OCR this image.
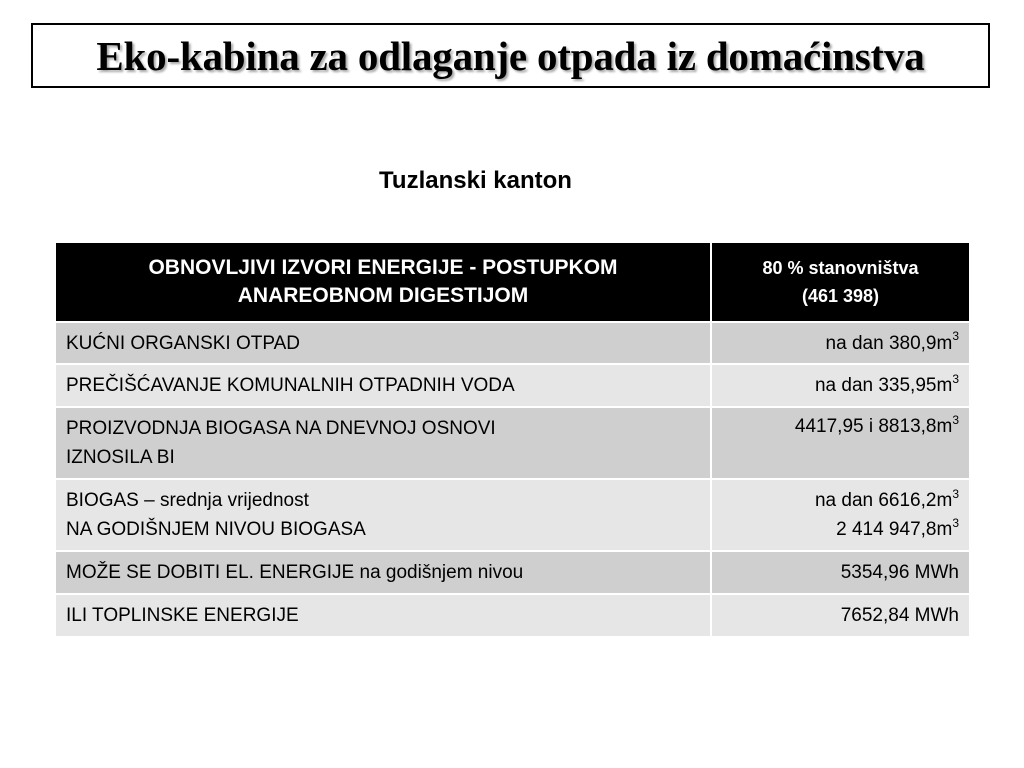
Eko-kabina za odlaganje otpada iz domaćinstva
Tuzlanski kanton
OBNOVLJIVI IZVORI ENERGIJE - POSTUPKOM
ANAREOBNOM DIGESTIJOM	80 % stanovništva
(461 398)

KUĆNI ORGANSKI OTPAD	na dan $380,9m^3$
PREČIŠĆAVANJE KOMUNALNIH OTPADNIH VODA	na dan $335,95m^3$

PROIZVODNJA BIOGASA NA DNEVNOJ OSNOVI
IZNOSILA BI	4417,95 i $8813,8m^3$

BIOGAS – srednja vrijednost
NA GODIŠNJEM NIVOU BIOGASA	na dan $6616,2m^3$
2 414 $947,8m^3$

MOŽE SE DOBITI EL. ENERGIJE na godišnjem nivou	5354,96 MWh
ILI TOPLINSKE ENERGIJE	7652,84 MWh
